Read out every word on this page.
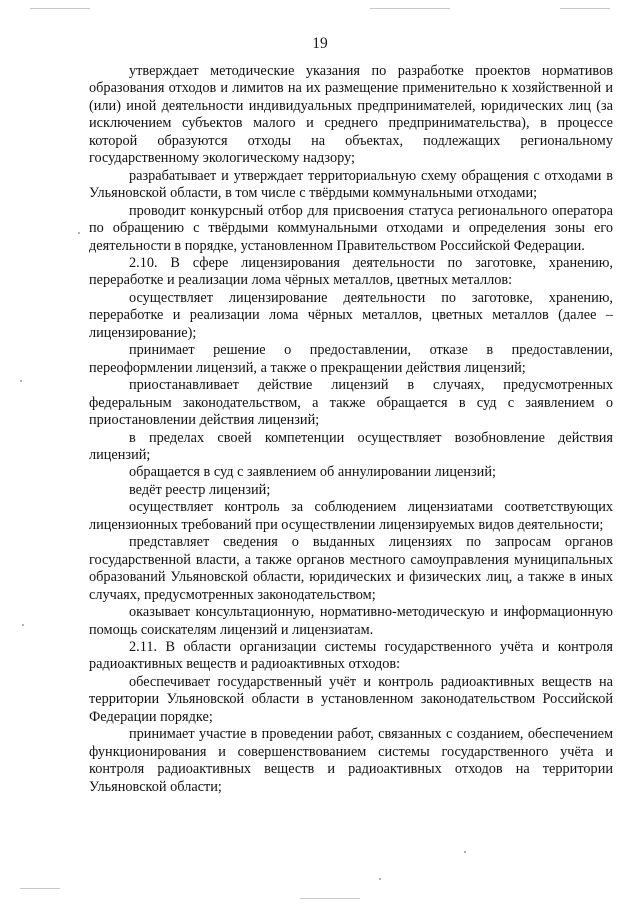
19

утверждает методические указания по разработке проектов нормативов образования отходов и лимитов на их размещение применительно к хозяйственной и (или) иной деятельности индивидуальных предпринимателей, юридических лиц (за исключением субъектов малого и среднего предпринимательства), в процессе которой образуются отходы на объектах, подлежащих региональному государственному экологическому надзору;

разрабатывает и утверждает территориальную схему обращения с отходами в Ульяновской области, в том числе с твёрдыми коммунальными отходами;

проводит конкурсный отбор для присвоения статуса регионального оператора по обращению с твёрдыми коммунальными отходами и определения зоны его деятельности в порядке, установленном Правительством Российской Федерации.

2.10. В сфере лицензирования деятельности по заготовке, хранению, переработке и реализации лома чёрных металлов, цветных металлов:

осуществляет лицензирование деятельности по заготовке, хранению, переработке и реализации лома чёрных металлов, цветных металлов (далее – лицензирование);

принимает решение о предоставлении, отказе в предоставлении, переоформлении лицензий, а также о прекращении действия лицензий;

приостанавливает действие лицензий в случаях, предусмотренных федеральным законодательством, а также обращается в суд с заявлением о приостановлении действия лицензий;

в пределах своей компетенции осуществляет возобновление действия лицензий;

обращается в суд с заявлением об аннулировании лицензий;

ведёт реестр лицензий;

осуществляет контроль за соблюдением лицензиатами соответствующих лицензионных требований при осуществлении лицензируемых видов деятельности;

представляет сведения о выданных лицензиях по запросам органов государственной власти, а также органов местного самоуправления муниципальных образований Ульяновской области, юридических и физических лиц, а также в иных случаях, предусмотренных законодательством;

оказывает консультационную, нормативно-методическую и информационную помощь соискателям лицензий и лицензиатам.

2.11. В области организации системы государственного учёта и контроля радиоактивных веществ и радиоактивных отходов:

обеспечивает государственный учёт и контроль радиоактивных веществ на территории Ульяновской области в установленном законодательством Российской Федерации порядке;

принимает участие в проведении работ, связанных с созданием, обеспечением функционирования и совершенствованием системы государственного учёта и контроля радиоактивных веществ и радиоактивных отходов на территории Ульяновской области;
